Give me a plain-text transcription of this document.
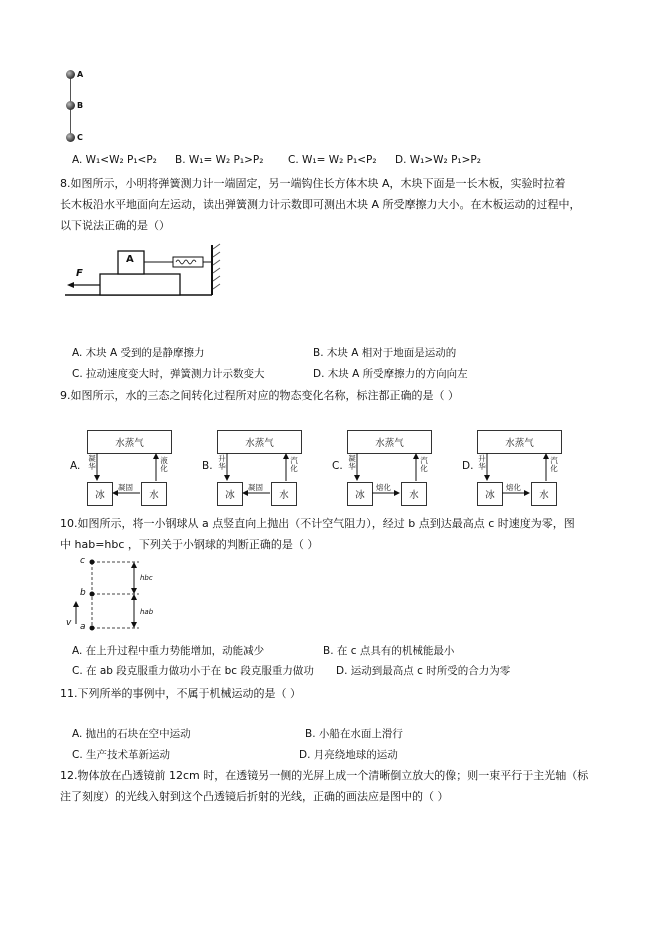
A
B
C
A. W₁<W₂ P₁<P₂ B. W₁= W₂ P₁>P₂ C. W₁= W₂ P₁<P₂ D. W₁>W₂ P₁>P₂
8.如图所示，小明将弹簧测力计一端固定，另一端钩住长方体木块 A，木块下面是一长木板，实验时拉着
长木板沿水平地面向左运动，读出弹簧测力计示数即可测出木块 A 所受摩擦力大小。在木板运动的过程中，
以下说法正确的是（）
A
F
A. 木块 A 受到的是静摩擦力	B. 木块 A 相对于地面是运动的
C. 拉动速度变大时，弹簧测力计示数变大	D. 木块 A 所受摩擦力的方向向左
9.如图所示，水的三态之间转化过程所对应的物态变化名称，标注都正确的是（ ）
A.
水蒸气
冰	水
凝华
液化
凝固
B.
水蒸气
冰	水
升华
汽化
凝固
C.
水蒸气
冰	水
凝华
汽化
熔化
D.
水蒸气
冰	水
升华
汽化
熔化
10.如图所示，将一小钢球从 a 点竖直向上抛出（不计空气阻力），经过 b 点到达最高点 c 时速度为零，图
中 hab=hbc ，下列关于小钢球的判断正确的是（ ）
c
b
a
v
hbc
hab
A. 在上升过程中重力势能增加，动能减少	B. 在 c 点具有的机械能最小
C. 在 ab 段克服重力做功小于在 bc 段克服重力做功 D. 运动到最高点 c 时所受的合力为零
11.下列所举的事例中，不属于机械运动的是（ ）
A. 抛出的石块在空中运动	B. 小船在水面上滑行
C. 生产技术革新运动	D. 月亮绕地球的运动
12.物体放在凸透镜前 12cm 时，在透镜另一侧的光屏上成一个清晰倒立放大的像；则一束平行于主光轴（标
注了刻度）的光线入射到这个凸透镜后折射的光线，正确的画法应是图中的（ ）
